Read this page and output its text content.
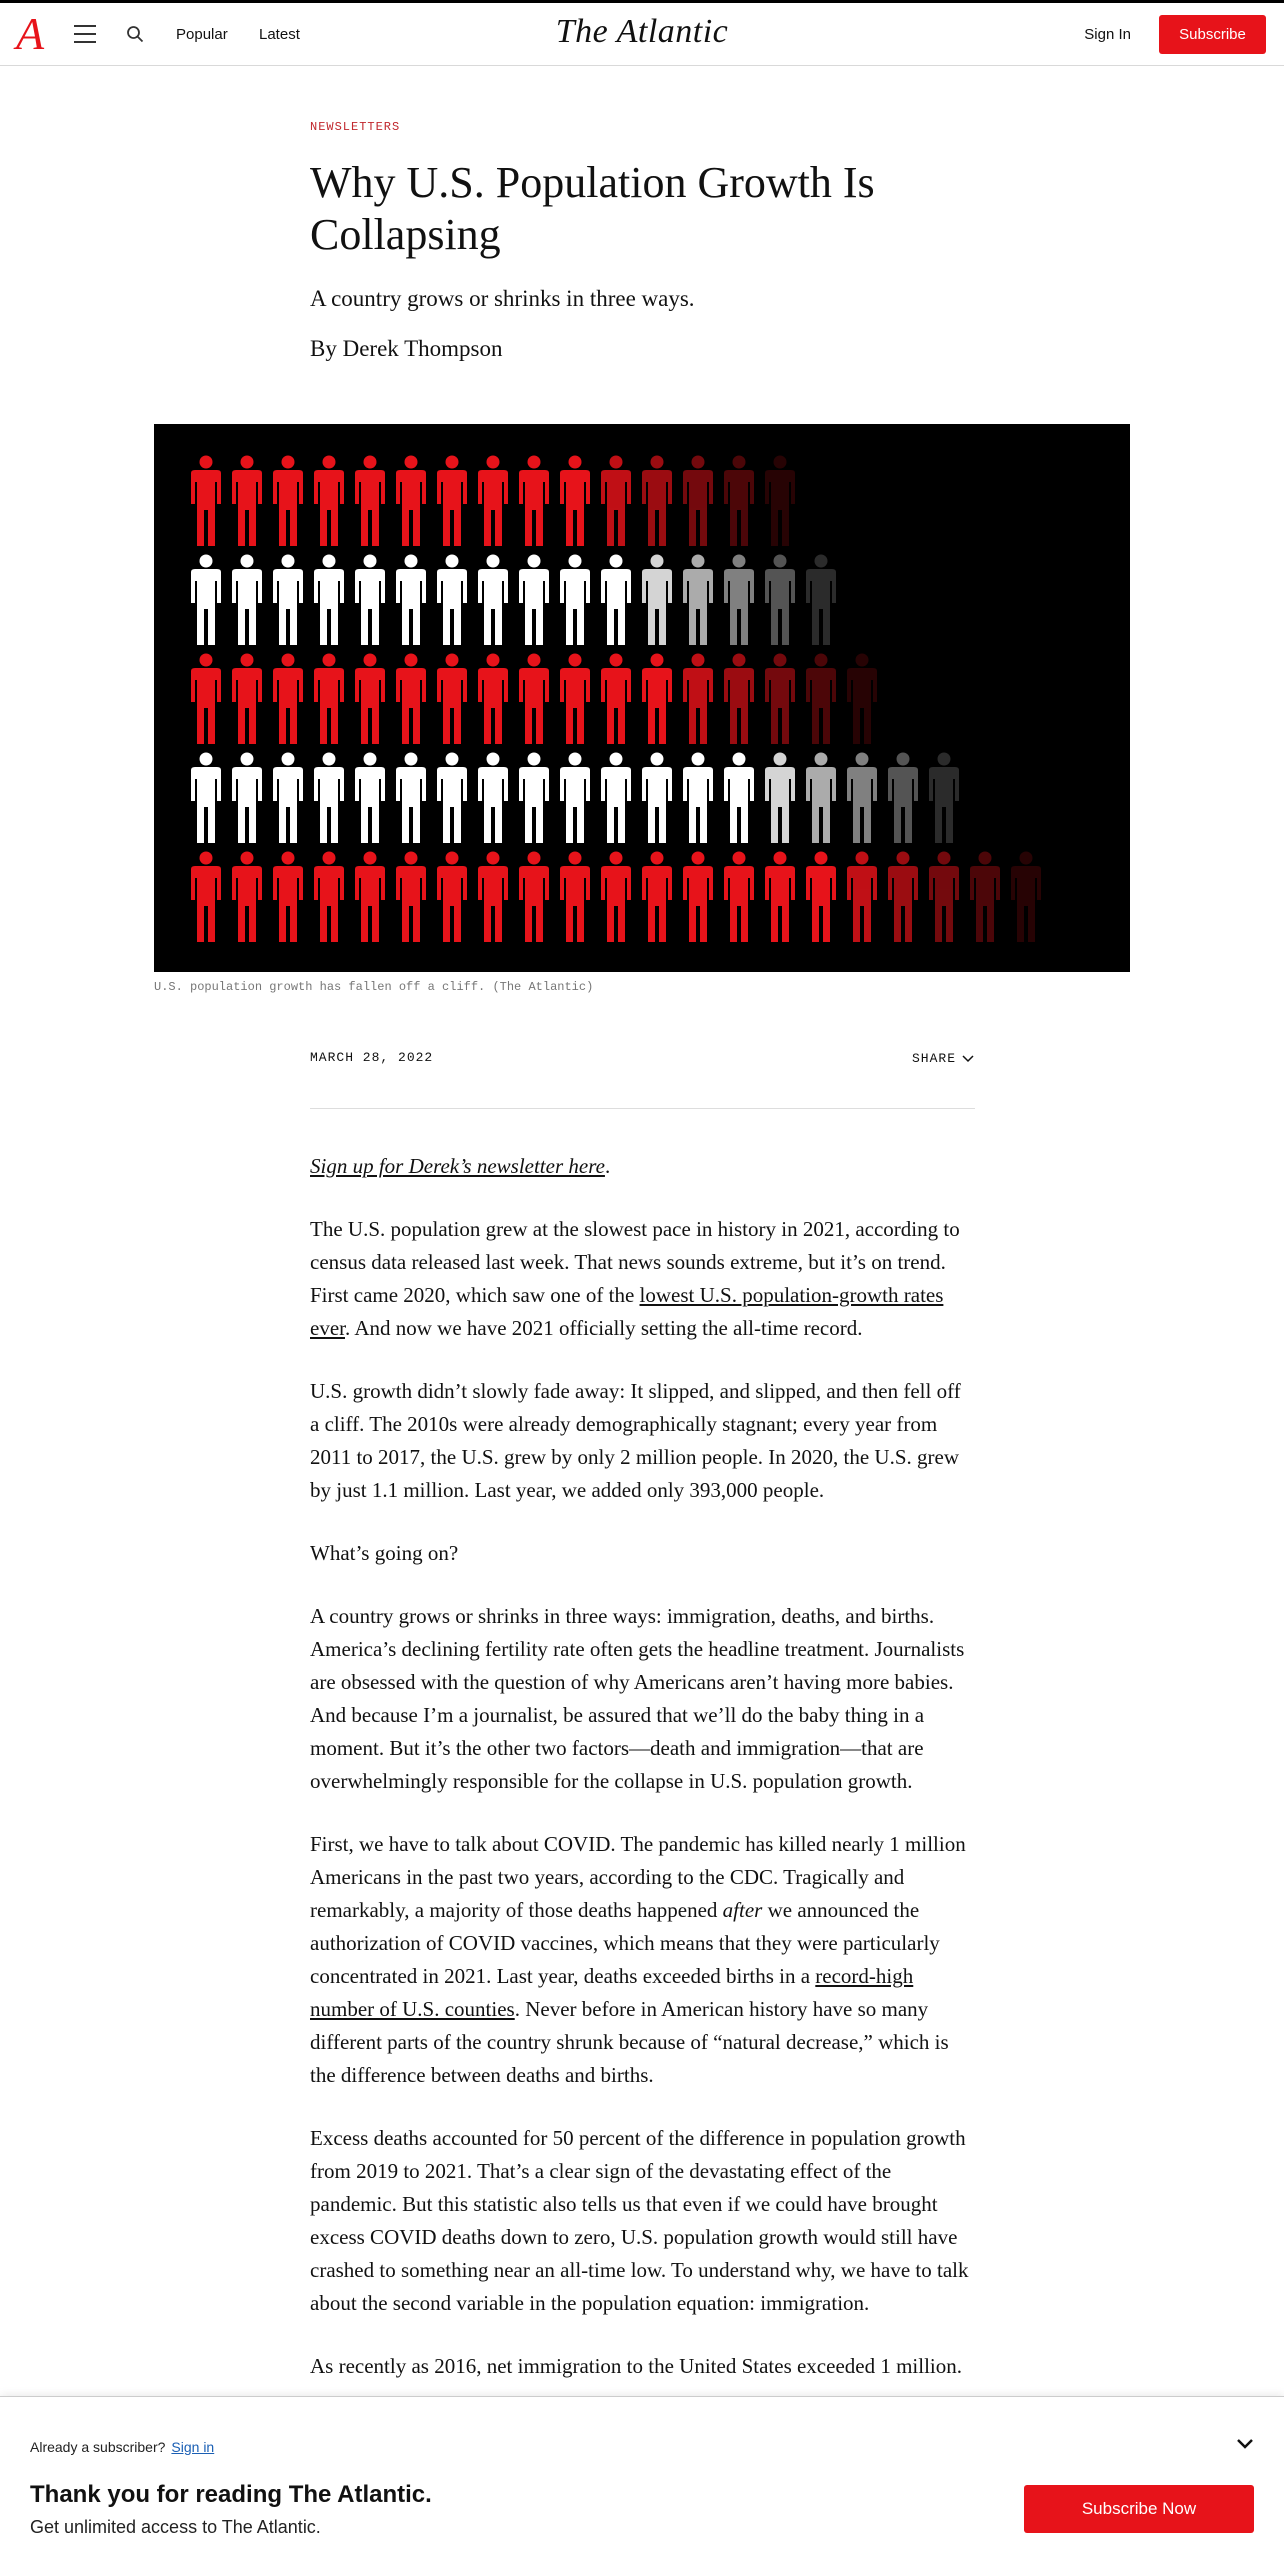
A	Popular Latest	The Atlantic	Sign In	Subscribe
NEWSLETTERS
Why U.S. Population Growth Is Collapsing
A country grows or shrinks in three ways.
By Derek Thompson
U.S. population growth has fallen off a cliff. (The Atlantic)
MARCH 28, 2022	SHARE

Sign up for Derek’s newsletter here.

The U.S. population grew at the slowest pace in history in 2021, according to census data released last week. That news sounds extreme, but it’s on trend. First came 2020, which saw one of the lowest U.S. population-growth rates ever. And now we have 2021 officially setting the all-time record.

U.S. growth didn’t slowly fade away: It slipped, and slipped, and then fell off a cliff. The 2010s were already demographically stagnant; every year from 2011 to 2017, the U.S. grew by only 2 million people. In 2020, the U.S. grew by just 1.1 million. Last year, we added only 393,000 people.

What’s going on?

A country grows or shrinks in three ways: immigration, deaths, and births. America’s declining fertility rate often gets the headline treatment. Journalists are obsessed with the question of why Americans aren’t having more babies. And because I’m a journalist, be assured that we’ll do the baby thing in a moment. But it’s the other two factors—death and immigration—that are overwhelmingly responsible for the collapse in U.S. population growth.

First, we have to talk about COVID. The pandemic has killed nearly 1 million Americans in the past two years, according to the CDC. Tragically and remarkably, a majority of those deaths happened after we announced the authorization of COVID vaccines, which means that they were particularly concentrated in 2021. Last year, deaths exceeded births in a record-high number of U.S. counties. Never before in American history have so many different parts of the country shrunk because of “natural decrease,” which is the difference between deaths and births.

Excess deaths accounted for 50 percent of the difference in population growth from 2019 to 2021. That’s a clear sign of the devastating effect of the pandemic. But this statistic also tells us that even if we could have brought excess COVID deaths down to zero, U.S. population growth would still have crashed to something near an all-time low. To understand why, we have to talk about the second variable in the population equation: immigration.

As recently as 2016, net immigration to the United States exceeded 1 million.

Already a subscriber? Sign in
Thank you for reading The Atlantic.
Get unlimited access to The Atlantic.
Subscribe Now
